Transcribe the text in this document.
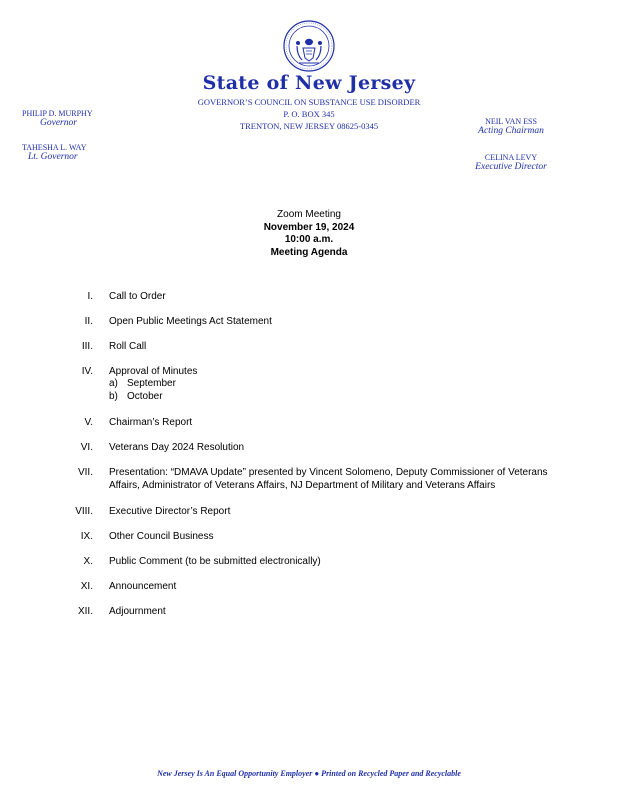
State of New Jersey
GOVERNOR’S COUNCIL ON SUBSTANCE USE DISORDER
P. O. BOX 345
TRENTON, NEW JERSEY 08625-0345
PHILIP D. MURPHY
Governor
TAHESHA L. WAY
Lt. Governor
NEIL VAN ESS
Acting Chairman
CELINA LEVY
Executive Director
Zoom Meeting
November 19, 2024
10:00 a.m.
Meeting Agenda
I. Call to Order
II. Open Public Meetings Act Statement
III. Roll Call
IV. Approval of Minutes
a) September
b) October
V. Chairman’s Report
VI. Veterans Day 2024 Resolution
VII. Presentation: “DMAVA Update” presented by Vincent Solomeno, Deputy Commissioner of Veterans Affairs, Administrator of Veterans Affairs, NJ Department of Military and Veterans Affairs
VIII. Executive Director’s Report
IX. Other Council Business
X. Public Comment (to be submitted electronically)
XI. Announcement
XII. Adjournment
New Jersey Is An Equal Opportunity Employer ● Printed on Recycled Paper and Recyclable
